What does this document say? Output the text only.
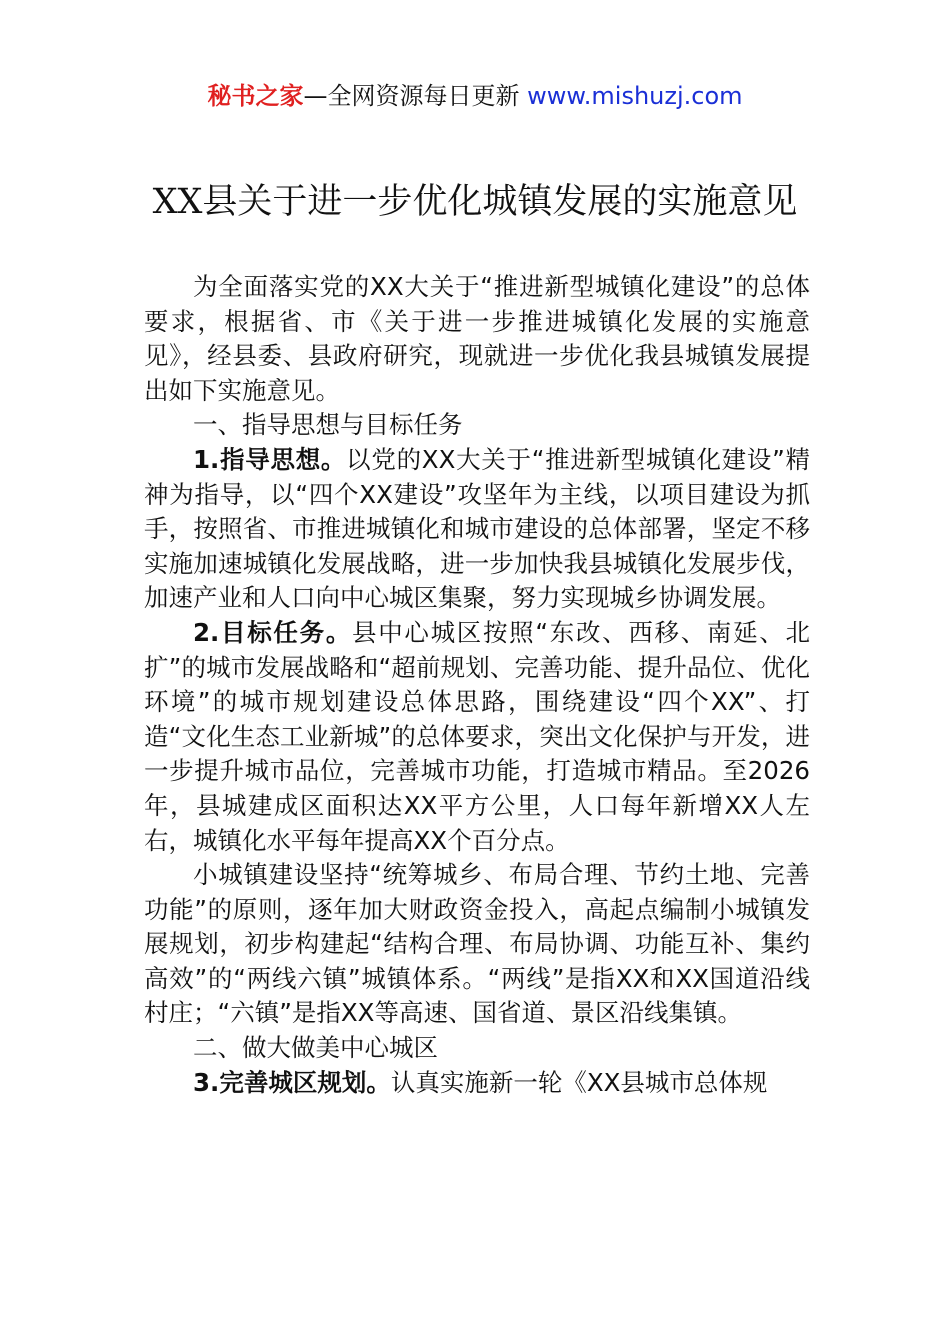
秘书之家—全网资源每日更新 www.mishuzj.com
XX县关于进一步优化城镇发展的实施意见

为全面落实党的XX大关于“推进新型城镇化建设”的总体要求，根据省、市《关于进一步推进城镇化发展的实施意见》，经县委、县政府研究，现就进一步优化我县城镇发展提出如下实施意见。

一、指导思想与目标任务

1.指导思想。以党的XX大关于“推进新型城镇化建设”精神为指导，以“四个XX建设”攻坚年为主线，以项目建设为抓手，按照省、市推进城镇化和城市建设的总体部署，坚定不移实施加速城镇化发展战略，进一步加快我县城镇化发展步伐，加速产业和人口向中心城区集聚，努力实现城乡协调发展。

2.目标任务。县中心城区按照“东改、西移、南延、北扩”的城市发展战略和“超前规划、完善功能、提升品位、优化环境”的城市规划建设总体思路，围绕建设“四个XX”、打造“文化生态工业新城”的总体要求，突出文化保护与开发，进一步提升城市品位，完善城市功能，打造城市精品。至2026年，县城建成区面积达XX平方公里，人口每年新增XX人左右，城镇化水平每年提高XX个百分点。

小城镇建设坚持“统筹城乡、布局合理、节约土地、完善功能”的原则，逐年加大财政资金投入，高起点编制小城镇发展规划，初步构建起“结构合理、布局协调、功能互补、集约高效”的“两线六镇”城镇体系。“两线”是指XX和XX国道沿线村庄；“六镇”是指XX等高速、国省道、景区沿线集镇。

二、做大做美中心城区

3.完善城区规划。认真实施新一轮《XX县城市总体规
